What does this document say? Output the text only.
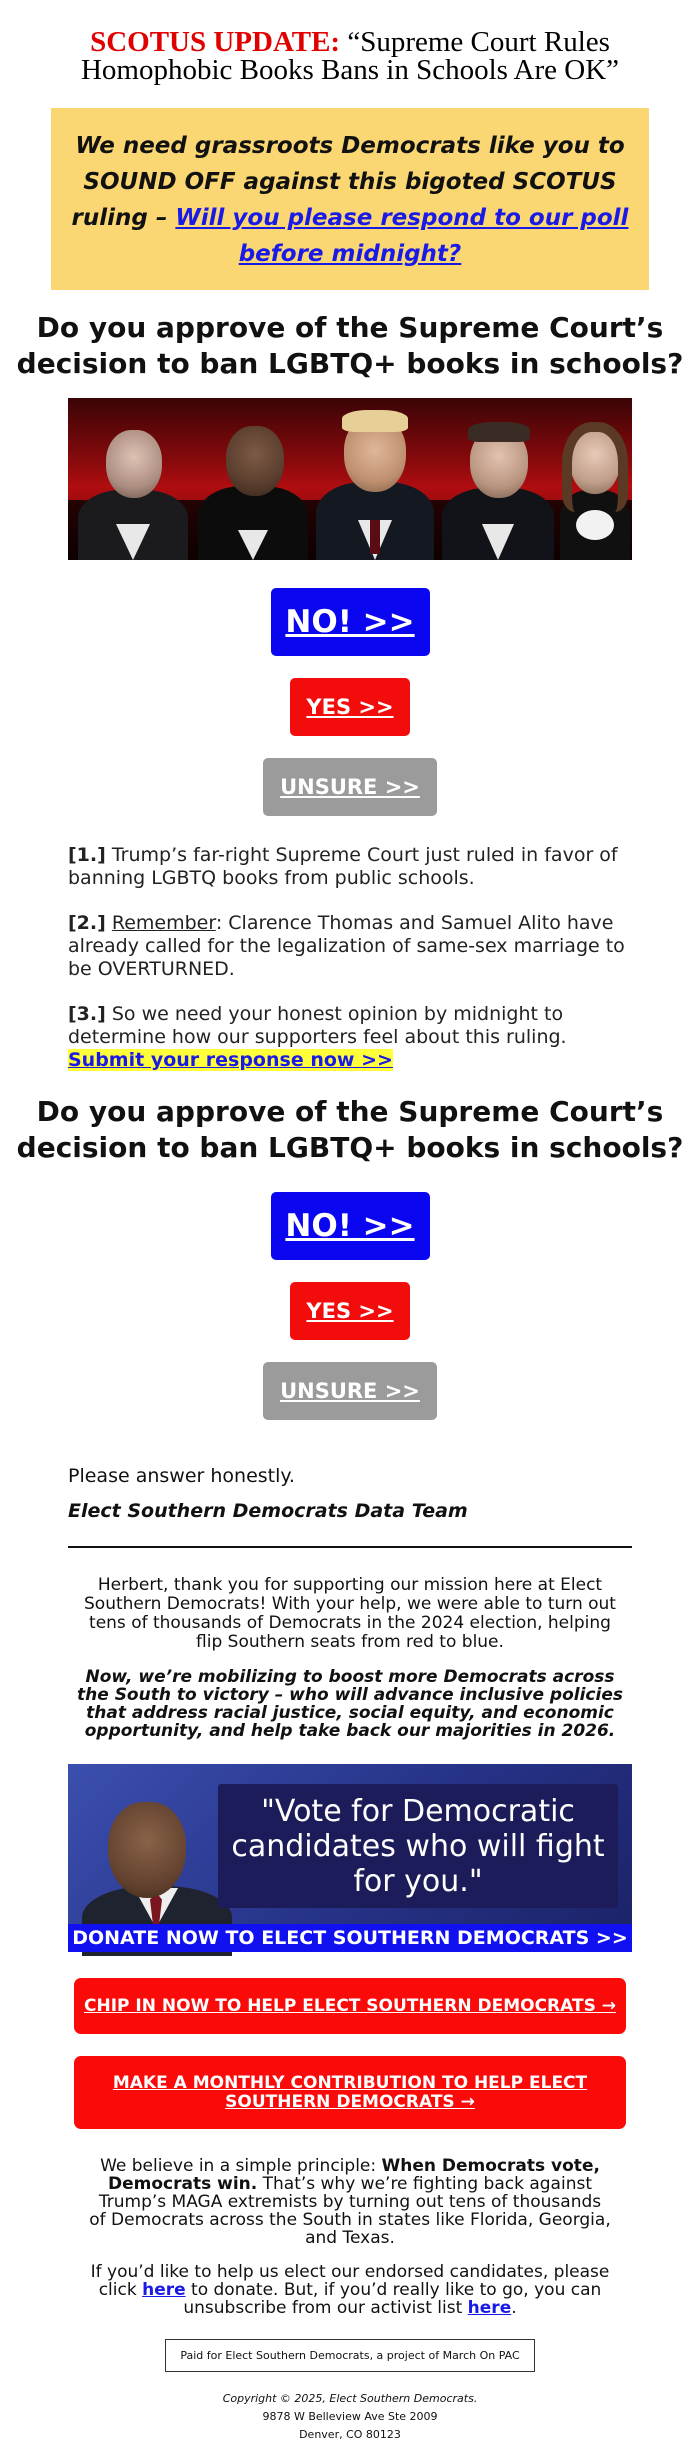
SCOTUS UPDATE: “Supreme Court Rules
Homophobic Books Bans in Schools Are OK”

We need grassroots Democrats like you to SOUND OFF against this bigoted SCOTUS ruling – Will you please respond to our poll before midnight?

Do you approve of the Supreme Court’s
decision to ban LGBTQ+ books in schools?
NO! >>
YES >>
UNSURE >>

[1.] Trump’s far-right Supreme Court just ruled in favor of banning LGBTQ books from public schools.

[2.] Remember: Clarence Thomas and Samuel Alito have already called for the legalization of same-sex marriage to be OVERTURNED.

[3.] So we need your honest opinion by midnight to determine how our supporters feel about this ruling. Submit your response now >>

Do you approve of the Supreme Court’s
decision to ban LGBTQ+ books in schools?
NO! >>
YES >>
UNSURE >>

Please answer honestly.

Elect Southern Democrats Data Team

Herbert, thank you for supporting our mission here at Elect Southern Democrats! With your help, we were able to turn out tens of thousands of Democrats in the 2024 election, helping flip Southern seats from red to blue.

Now, we’re mobilizing to boost more Democrats across the South to victory – who will advance inclusive policies that address racial justice, social equity, and economic opportunity, and help take back our majorities in 2026.

"Vote for Democratic candidates who will fight for you."
DONATE NOW TO ELECT SOUTHERN DEMOCRATS >>
CHIP IN NOW TO HELP ELECT SOUTHERN DEMOCRATS →
MAKE A MONTHLY CONTRIBUTION TO HELP ELECT
SOUTHERN DEMOCRATS →

We believe in a simple principle: When Democrats vote, Democrats win. That’s why we’re fighting back against Trump’s MAGA extremists by turning out tens of thousands of Democrats across the South in states like Florida, Georgia, and Texas.

If you’d like to help us elect our endorsed candidates, please click here to donate. But, if you’d really like to go, you can unsubscribe from our activist list here.

Paid for Elect Southern Democrats, a project of March On PAC
Copyright © 2025, Elect Southern Democrats.
9878 W Belleview Ave Ste 2009
Denver, CO 80123
